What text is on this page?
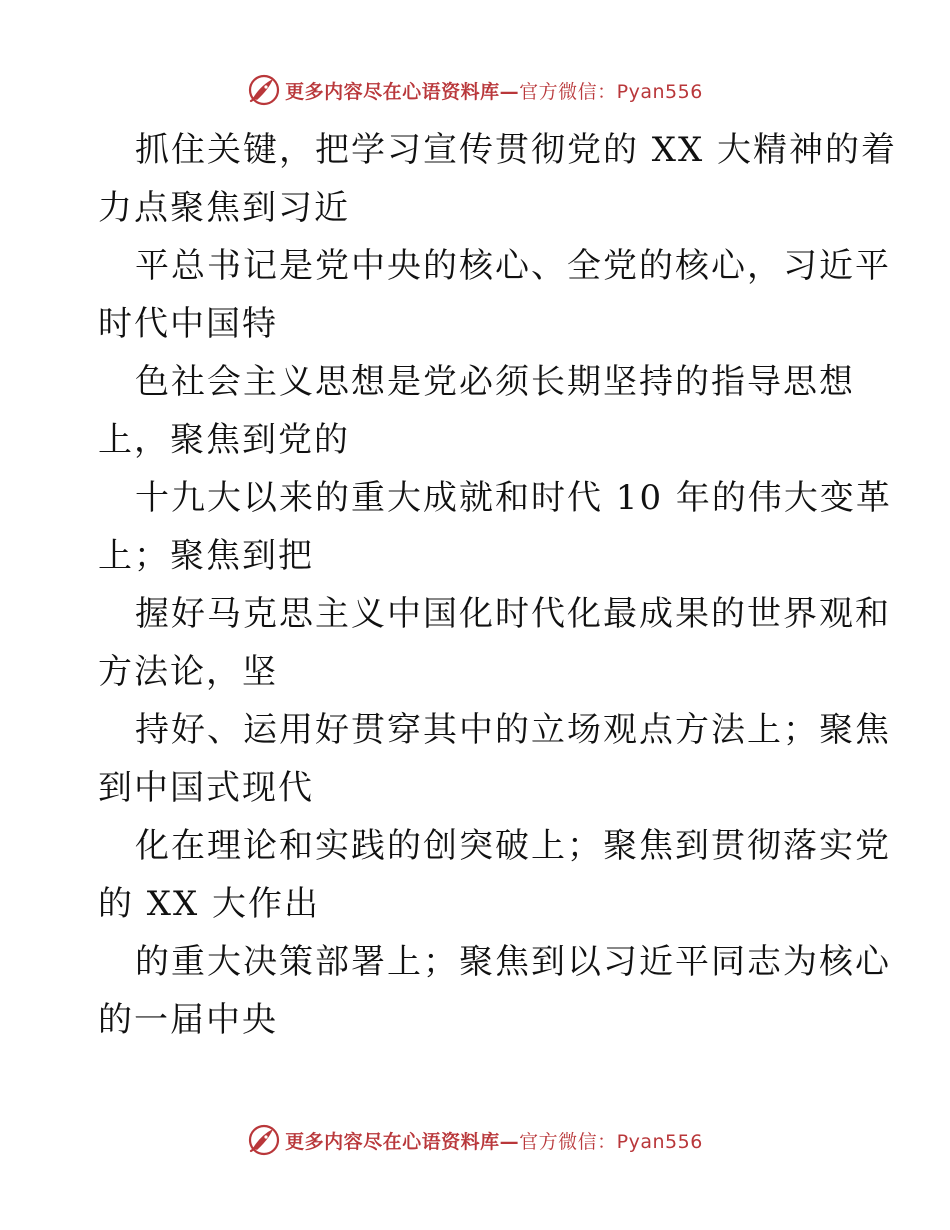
更多内容尽在心语资料库— 官方微信：Pyan556
抓住关键，把学习宣传贯彻党的 XX 大精神的着
力点聚焦到习近
平总书记是党中央的核心、全党的核心，习近平
时代中国特
色社会主义思想是党必须长期坚持的指导思想
上，聚焦到党的
十九大以来的重大成就和时代 10 年的伟大变革
上；聚焦到把
握好马克思主义中国化时代化最成果的世界观和
方法论，坚
持好、运用好贯穿其中的立场观点方法上；聚焦
到中国式现代
化在理论和实践的创突破上；聚焦到贯彻落实党
的 XX 大作出
的重大决策部署上；聚焦到以习近平同志为核心
的一届中央
更多内容尽在心语资料库— 官方微信：Pyan556
